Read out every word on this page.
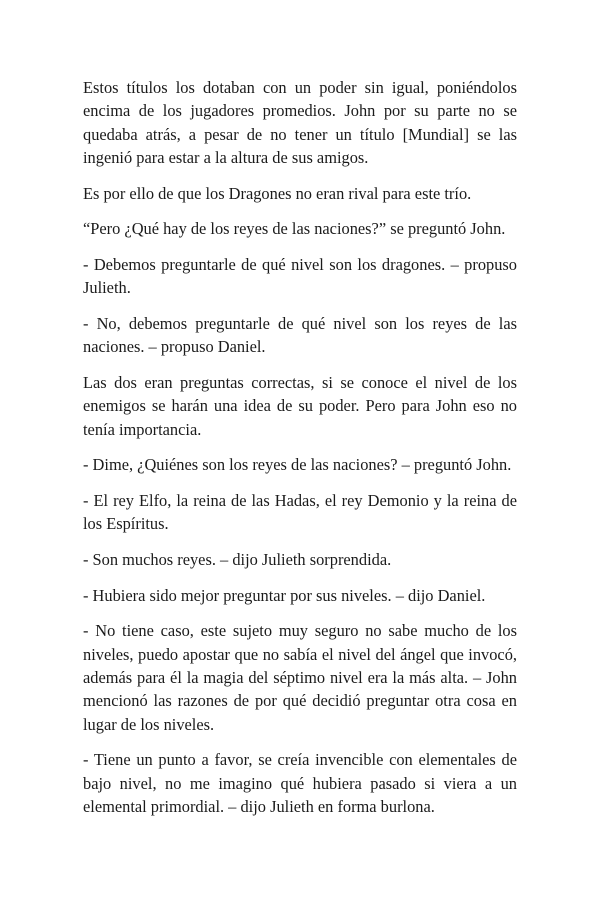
Estos títulos los dotaban con un poder sin igual, poniéndolos encima de los jugadores promedios. John por su parte no se quedaba atrás, a pesar de no tener un título [Mundial] se las ingenió para estar a la altura de sus amigos.

Es por ello de que los Dragones no eran rival para este trío.

“Pero ¿Qué hay de los reyes de las naciones?” se preguntó John.

- Debemos preguntarle de qué nivel son los dragones. – propuso Julieth.

- No, debemos preguntarle de qué nivel son los reyes de las naciones. – propuso Daniel.

Las dos eran preguntas correctas, si se conoce el nivel de los enemigos se harán una idea de su poder. Pero para John eso no tenía importancia.

- Dime, ¿Quiénes son los reyes de las naciones? – preguntó John.

- El rey Elfo, la reina de las Hadas, el rey Demonio y la reina de los Espíritus.

- Son muchos reyes. – dijo Julieth sorprendida.

- Hubiera sido mejor preguntar por sus niveles. – dijo Daniel.

- No tiene caso, este sujeto muy seguro no sabe mucho de los niveles, puedo apostar que no sabía el nivel del ángel que invocó, además para él la magia del séptimo nivel era la más alta. – John mencionó las razones de por qué decidió preguntar otra cosa en lugar de los niveles.

- Tiene un punto a favor, se creía invencible con elementales de bajo nivel, no me imagino qué hubiera pasado si viera a un elemental primordial. – dijo Julieth en forma burlona.
